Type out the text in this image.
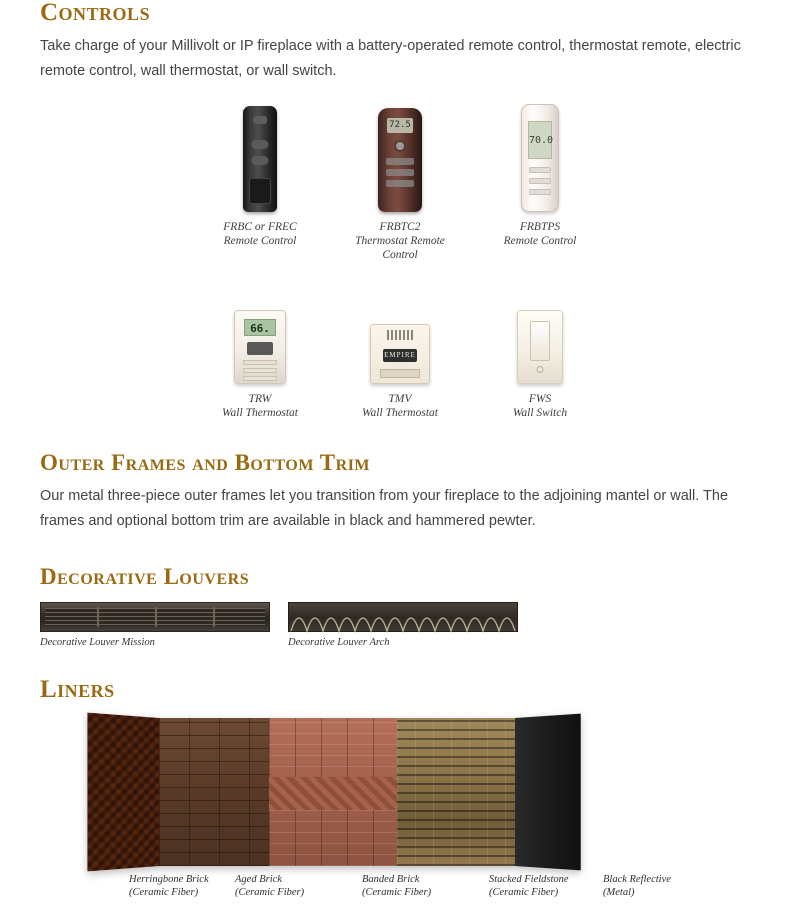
Controls

Take charge of your Millivolt or IP fireplace with a battery-operated remote control, thermostat remote, electric remote control, wall thermostat, or wall switch.

FRBC or FREC
Remote Control
72.5
FRBTC2
Thermostat Remote Control
70.0
FRBTPS
Remote Control
66.
TRW
Wall Thermostat
EMPIRE
TMV
Wall Thermostat
FWS
Wall Switch
Outer Frames and Bottom Trim

Our metal three-piece outer frames let you transition from your fireplace to the adjoining mantel or wall. The frames and optional bottom trim are available in black and hammered pewter.

Decorative Louvers
Decorative Louver Mission	Decorative Louver Arch
Liners
Herringbone Brick
(Ceramic Fiber)
Aged Brick
(Ceramic Fiber)
Banded Brick
(Ceramic Fiber)
Stacked Fieldstone
(Ceramic Fiber)
Black Reflective
(Metal)
